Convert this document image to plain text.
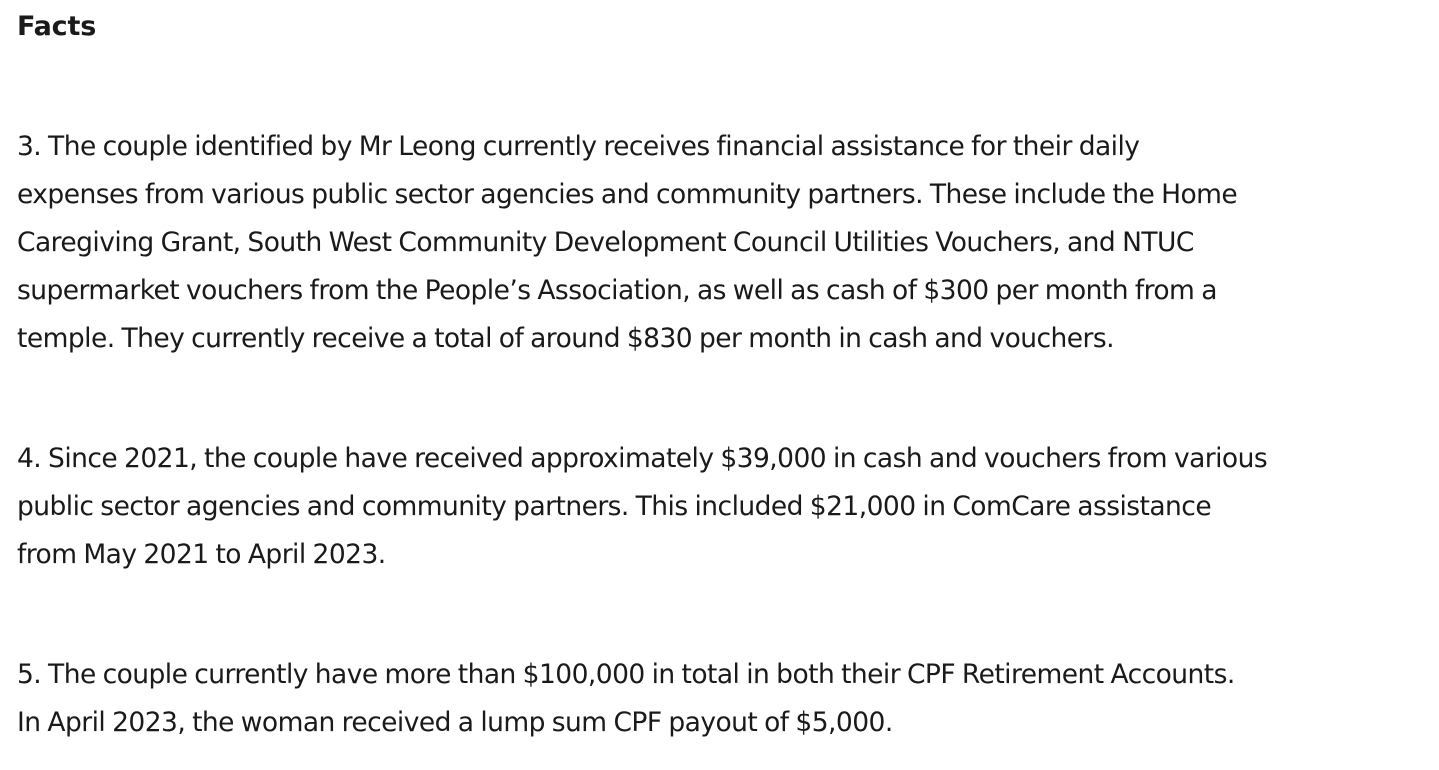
Facts

3. The couple identified by Mr Leong currently receives financial assistance for their daily
expenses from various public sector agencies and community partners. These include the Home
Caregiving Grant, South West Community Development Council Utilities Vouchers, and NTUC
supermarket vouchers from the People’s Association, as well as cash of $300 per month from a
temple. They currently receive a total of around $830 per month in cash and vouchers.

4. Since 2021, the couple have received approximately $39,000 in cash and vouchers from various
public sector agencies and community partners. This included $21,000 in ComCare assistance
from May 2021 to April 2023.

5. The couple currently have more than $100,000 in total in both their CPF Retirement Accounts.
In April 2023, the woman received a lump sum CPF payout of $5,000.
